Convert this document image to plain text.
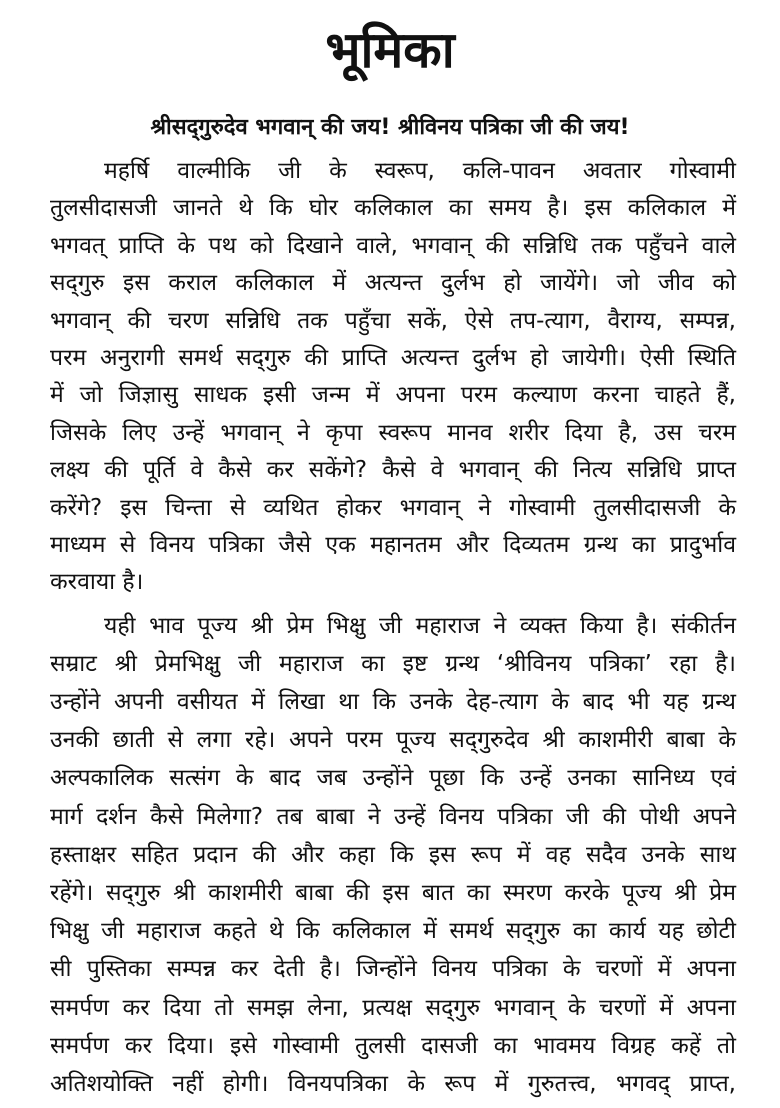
भूमिका
श्रीसद्‌गुरुदेव भगवान्‌ की जय! श्रीविनय पत्रिका जी की जय!
महर्षि वाल्मीकि जी के स्वरूप, कलि-पावन अवतार गोस्वामी
तुलसीदासजी जानते थे कि घोर कलिकाल का समय है। इस कलिकाल में
भगवत्‌ प्राप्ति के पथ को दिखाने वाले, भगवान्‌ की सन्निधि तक पहुँचने वाले
सद्‌गुरु इस कराल कलिकाल में अत्यन्त दुर्लभ हो जायेंगे। जो जीव को
भगवान्‌ की चरण सन्निधि तक पहुँचा सकें, ऐसे तप-त्याग, वैराग्य, सम्पन्न,
परम अनुरागी समर्थ सद्‌गुरु की प्राप्ति अत्यन्त दुर्लभ हो जायेगी। ऐसी स्थिति
में जो जिज्ञासु साधक इसी जन्म में अपना परम कल्याण करना चाहते हैं,
जिसके लिए उन्हें भगवान्‌ ने कृपा स्वरूप मानव शरीर दिया है, उस चरम
लक्ष्य की पूर्ति वे कैसे कर सकेंगे? कैसे वे भगवान्‌ की नित्य सन्निधि प्राप्त
करेंगे? इस चिन्ता से व्यथित होकर भगवान्‌ ने गोस्वामी तुलसीदासजी के
माध्यम से विनय पत्रिका जैसे एक महानतम और दिव्यतम ग्रन्थ का प्रादुर्भाव
करवाया है।
यही भाव पूज्य श्री प्रेम भिक्षु जी महाराज ने व्यक्त किया है। संकीर्तन
सम्राट श्री प्रेमभिक्षु जी महाराज का इष्ट ग्रन्थ ‘श्रीविनय पत्रिका’ रहा है।
उन्होंने अपनी वसीयत में लिखा था कि उनके देह-त्याग के बाद भी यह ग्रन्थ
उनकी छाती से लगा रहे। अपने परम पूज्य सद्‌गुरुदेव श्री काशमीरी बाबा के
अल्पकालिक सत्संग के बाद जब उन्होंने पूछा कि उन्हें उनका सानिध्य एवं
मार्ग दर्शन कैसे मिलेगा? तब बाबा ने उन्हें विनय पत्रिका जी की पोथी अपने
हस्ताक्षर सहित प्रदान की और कहा कि इस रूप में वह सदैव उनके साथ
रहेंगे। सद्‌गुरु श्री काशमीरी बाबा की इस बात का स्मरण करके पूज्य श्री प्रेम
भिक्षु जी महाराज कहते थे कि कलिकाल में समर्थ सद्‌गुरु का कार्य यह छोटी
सी पुस्तिका सम्पन्न कर देती है। जिन्होंने विनय पत्रिका के चरणों में अपना
समर्पण कर दिया तो समझ लेना, प्रत्यक्ष सद्‌गुरु भगवान्‌ के चरणों में अपना
समर्पण कर दिया। इसे गोस्वामी तुलसी दासजी का भावमय विग्रह कहें तो
अतिशयोक्ति नहीं होगी। विनयपत्रिका के रूप में गुरुतत्त्व, भगवद्‌ प्राप्त,
